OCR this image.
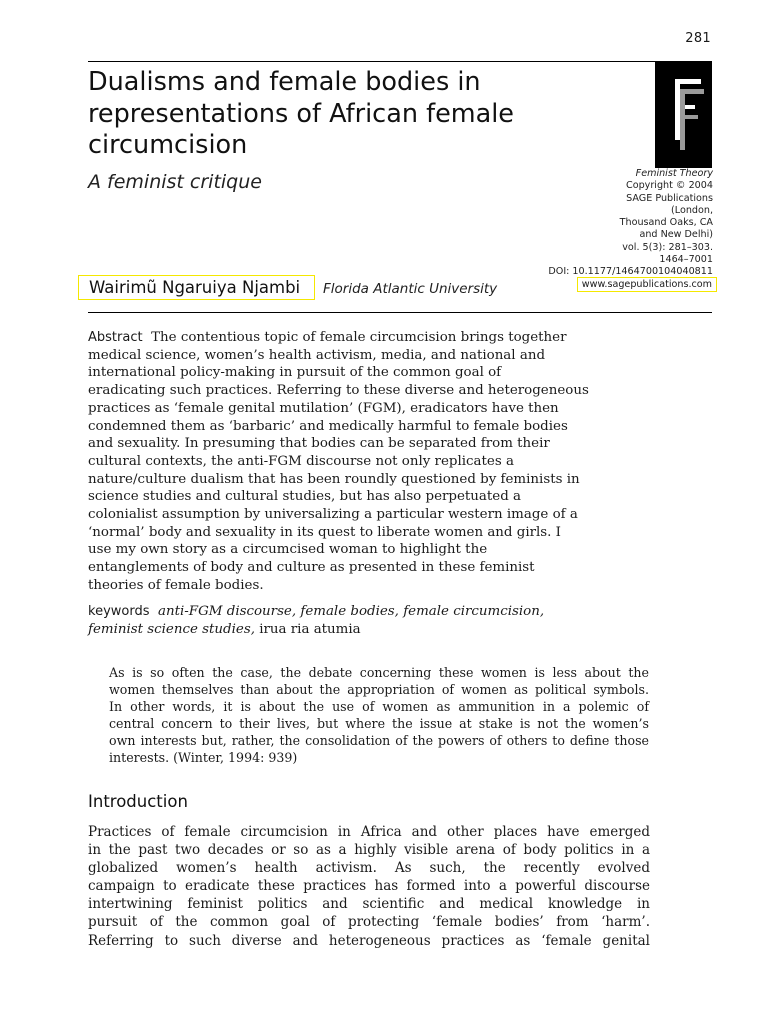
281
Dualisms and female bodies in
representations of African female
circumcision
A feminist critique	Feminist Theory
Copyright © 2004
SAGE Publications
(London,
Thousand Oaks, CA
and New Delhi)
vol. 5(3): 281–303.
1464–7001
DOI: 10.1177/1464700104040811
www.sagepublications.com
Wairimũ Ngaruiya Njambi Florida Atlantic University
Abstract The contentious topic of female circumcision brings together
medical science, women’s health activism, media, and national and
international policy-making in pursuit of the common goal of
eradicating such practices. Referring to these diverse and heterogeneous
practices as ‘female genital mutilation’ (FGM), eradicators have then
condemned them as ‘barbaric’ and medically harmful to female bodies
and sexuality. In presuming that bodies can be separated from their
cultural contexts, the anti-FGM discourse not only replicates a
nature/culture dualism that has been roundly questioned by feminists in
science studies and cultural studies, but has also perpetuated a
colonialist assumption by universalizing a particular western image of a
‘normal’ body and sexuality in its quest to liberate women and girls. I
use my own story as a circumcised woman to highlight the
entanglements of body and culture as presented in these feminist
theories of female bodies.
keywords anti-FGM discourse, female bodies, female circumcision,
feminist science studies, irua ria atumia
As is so often the case, the debate concerning these women is less about the
women themselves than about the appropriation of women as political symbols.
In other words, it is about the use of women as ammunition in a polemic of
central concern to their lives, but where the issue at stake is not the women’s
own interests but, rather, the consolidation of the powers of others to define those
interests. (Winter, 1994: 939)
Introduction
Practices of female circumcision in Africa and other places have emerged
in the past two decades or so as a highly visible arena of body politics in a
globalized women’s health activism. As such, the recently evolved
campaign to eradicate these practices has formed into a powerful discourse
intertwining feminist politics and scientific and medical knowledge in
pursuit of the common goal of protecting ‘female bodies’ from ‘harm’.
Referring to such diverse and heterogeneous practices as ‘female genital
